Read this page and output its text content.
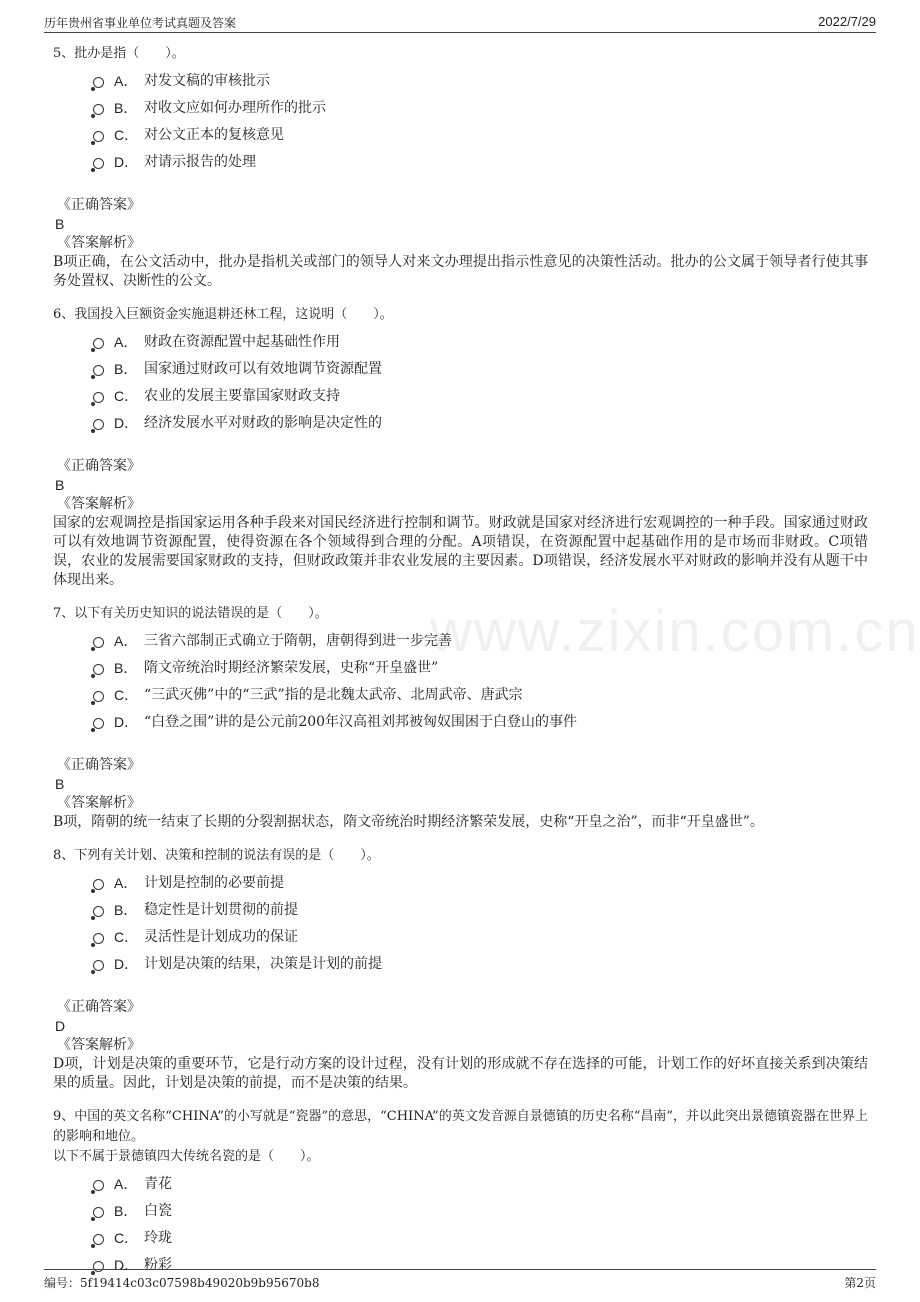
历年贵州省事业单位考试真题及答案	2022/7/29
www.zixin.com.cn

5、批办是指（　　）。

A． 对发文稿的审核批示
B． 对收文应如何办理所作的批示
C． 对公文正本的复核意见
D． 对请示报告的处理

《正确答案》

B

《答案解析》

B项正确，在公文活动中，批办是指机关或部门的领导人对来文办理提出指示性意见的决策性活动。批办的公文属于领导者行使其事务处置权、决断性的公文。

6、我国投入巨额资金实施退耕还林工程，这说明（　　）。

A． 财政在资源配置中起基础性作用
B． 国家通过财政可以有效地调节资源配置
C． 农业的发展主要靠国家财政支持
D． 经济发展水平对财政的影响是决定性的

《正确答案》

B

《答案解析》

国家的宏观调控是指国家运用各种手段来对国民经济进行控制和调节。财政就是国家对经济进行宏观调控的一种手段。国家通过财政可以有效地调节资源配置，使得资源在各个领域得到合理的分配。A项错误，在资源配置中起基础作用的是市场而非财政。C项错误，农业的发展需要国家财政的支持，但财政政策并非农业发展的主要因素。D项错误，经济发展水平对财政的影响并没有从题干中体现出来。

7、以下有关历史知识的说法错误的是（　　）。

A． 三省六部制正式确立于隋朝，唐朝得到进一步完善
B． 隋文帝统治时期经济繁荣发展，史称“开皇盛世”
C． “三武灭佛”中的“三武”指的是北魏太武帝、北周武帝、唐武宗
D． “白登之围”讲的是公元前200年汉高祖刘邦被匈奴围困于白登山的事件

《正确答案》

B

《答案解析》

B项，隋朝的统一结束了长期的分裂割据状态，隋文帝统治时期经济繁荣发展，史称“开皇之治”，而非“开皇盛世”。

8、下列有关计划、决策和控制的说法有误的是（　　）。

A． 计划是控制的必要前提
B． 稳定性是计划贯彻的前提
C． 灵活性是计划成功的保证
D． 计划是决策的结果，决策是计划的前提

《正确答案》

D

《答案解析》

D项，计划是决策的重要环节，它是行动方案的设计过程，没有计划的形成就不存在选择的可能，计划工作的好坏直接关系到决策结果的质量。因此，计划是决策的前提，而不是决策的结果。

9、中国的英文名称“CHINA”的小写就是“瓷器”的意思，“CHINA”的英文发音源自景德镇的历史名称“昌南”，并以此突出景德镇瓷器在世界上的影响和地位。

以下不属于景德镇四大传统名瓷的是（　　）。

A． 青花
B． 白瓷
C． 玲珑
D． 粉彩
编号：5f19414c03c07598b49020b9b95670b8	第2页
